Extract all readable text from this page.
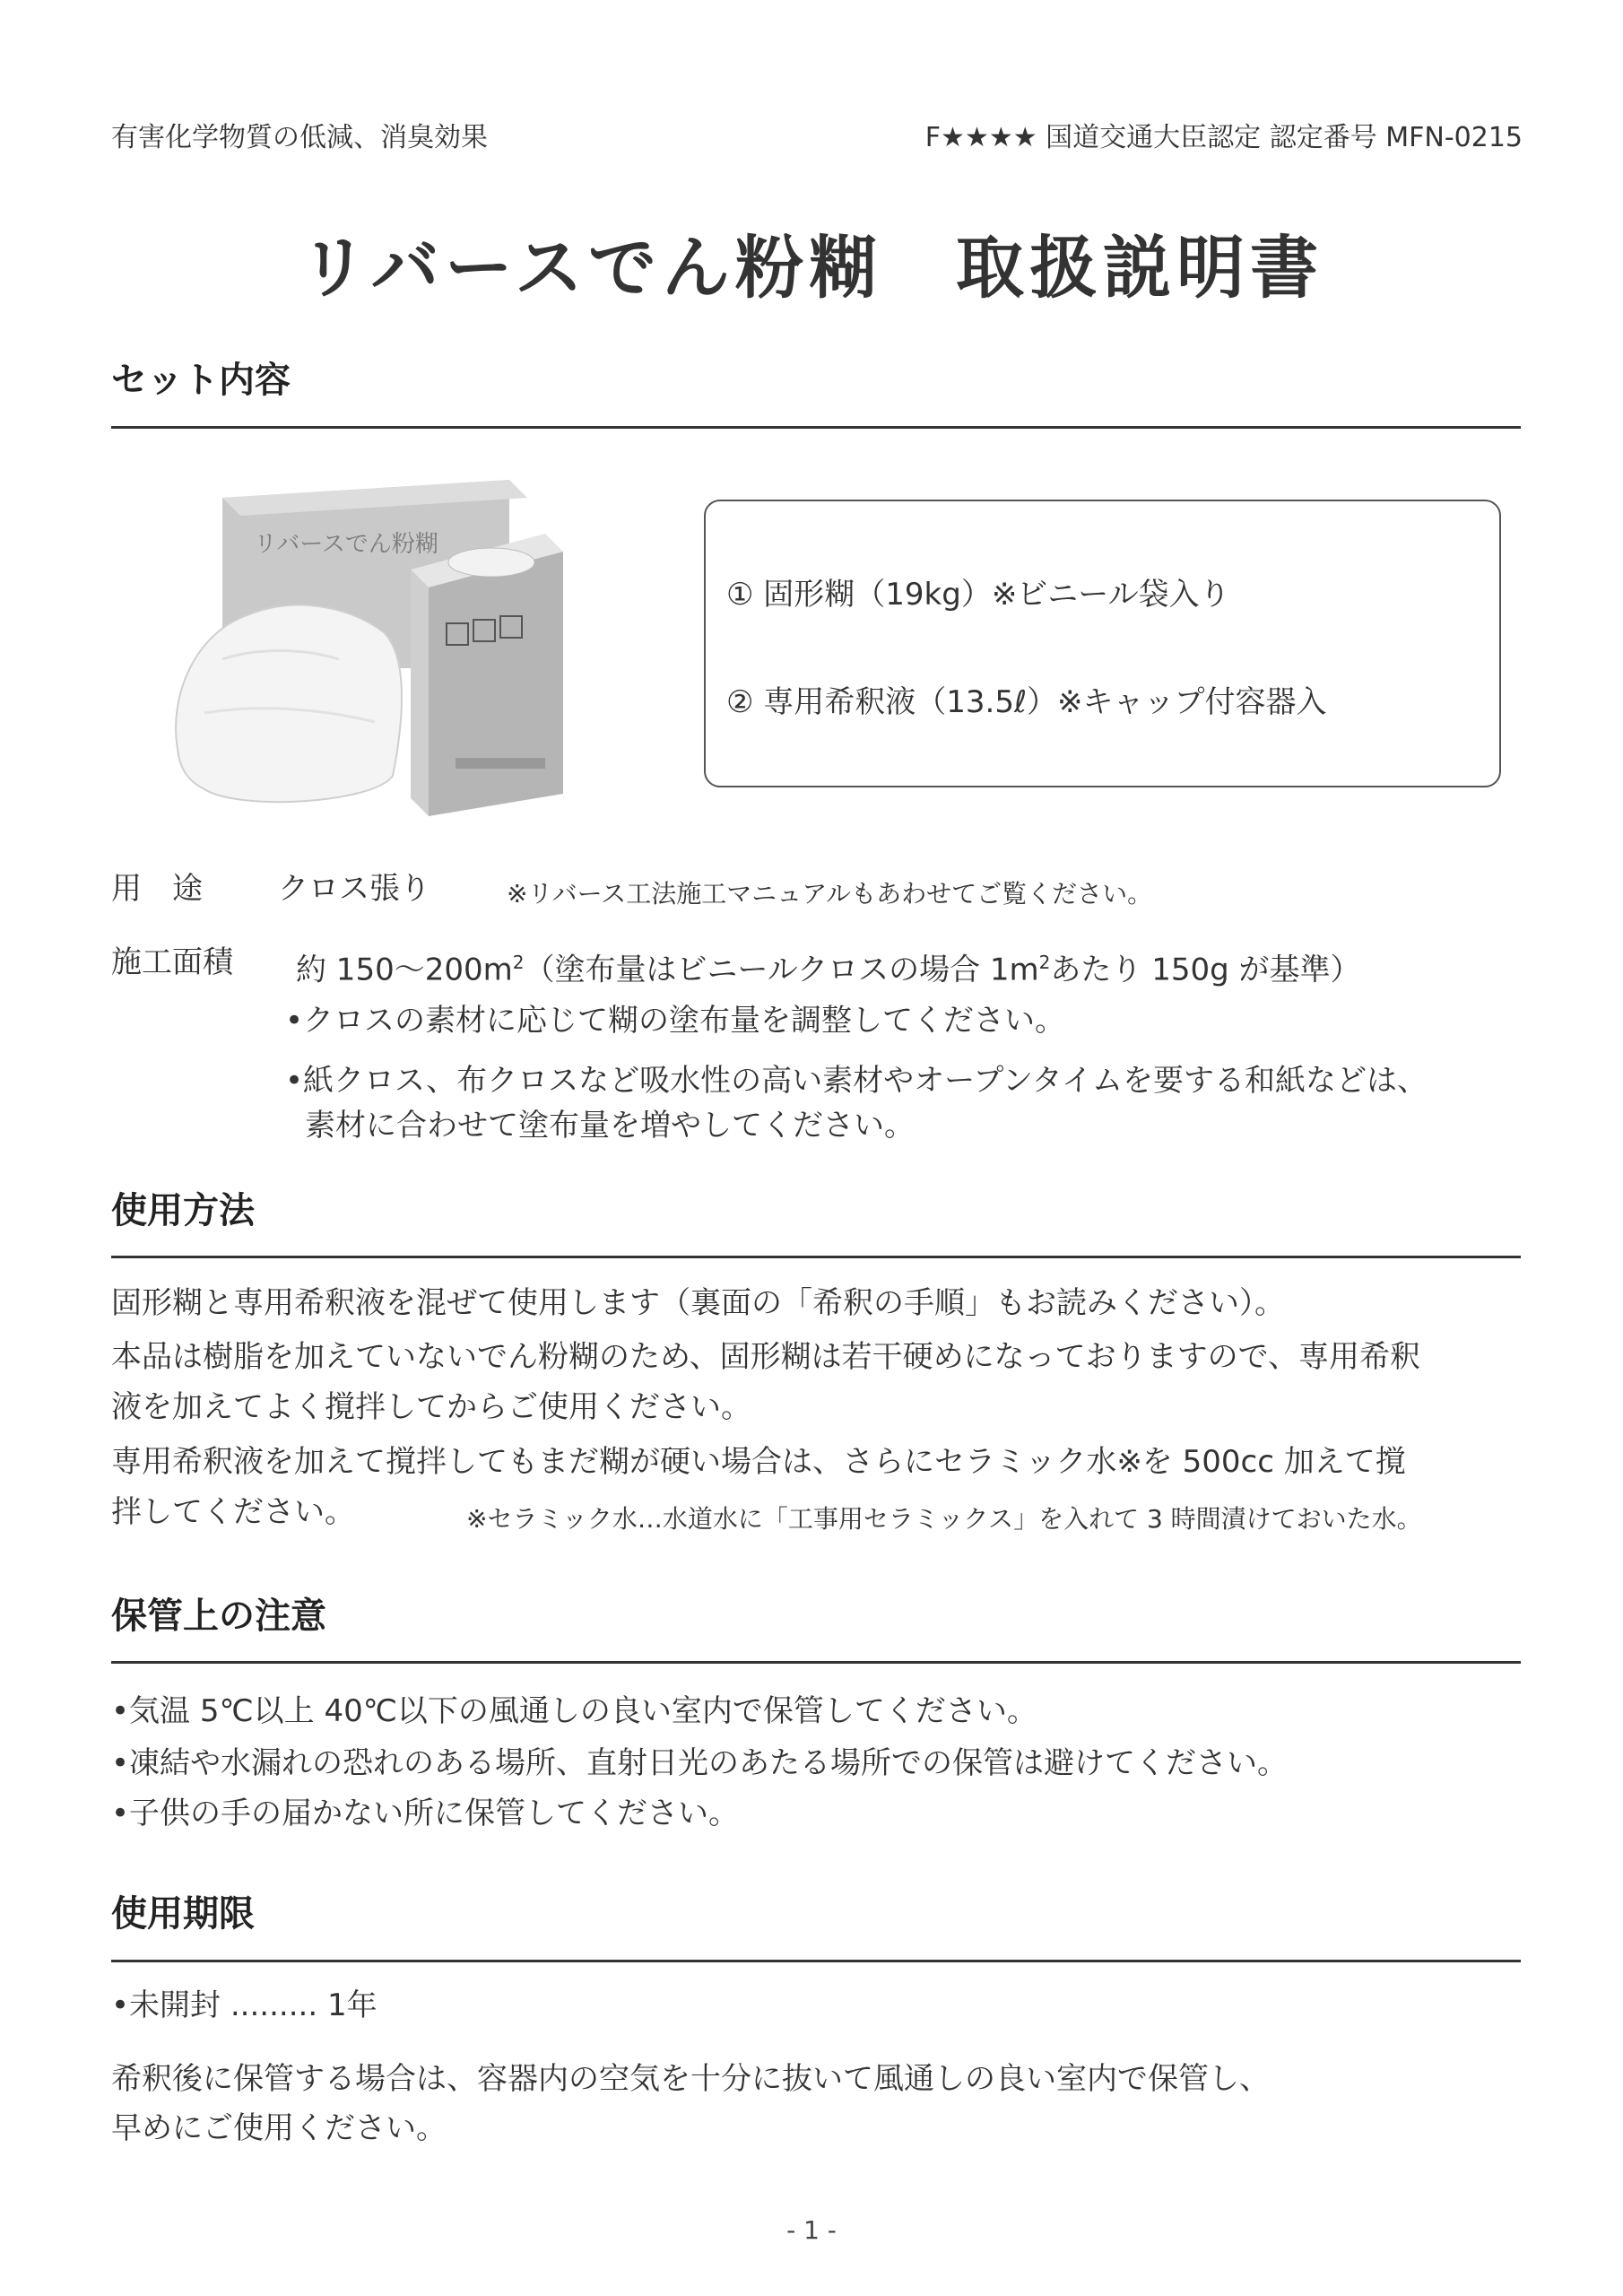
有害化学物質の低減、消臭効果	F★★★★ 国道交通大臣認定 認定番号 MFN-0215
リバースでん粉糊　取扱説明書
セット内容
リバースでん粉糊
① 固形糊（19kg）※ビニール袋入り
② 専用希釈液（13.5ℓ）※キャップ付容器入
用　途 クロス張り	※リバース工法施工マニュアルもあわせてご覧ください。
施工面積 約 $150\sim 200m^2$（塗布量はビニールクロスの場合 $1m^2$あたり 150g が基準）
•クロスの素材に応じて糊の塗布量を調整してください。
•紙クロス、布クロスなど吸水性の高い素材やオープンタイムを要する和紙などは、
素材に合わせて塗布量を増やしてください。
使用方法
固形糊と専用希釈液を混ぜて使用します（裏面の「希釈の手順」もお読みください）。
本品は樹脂を加えていないでん粉糊のため、固形糊は若干硬めになっておりますので、専用希釈
液を加えてよく撹拌してからご使用ください。
専用希釈液を加えて撹拌してもまだ糊が硬い場合は、さらにセラミック水※を 500cc 加えて撹
拌してください。	※セラミック水…水道水に「工事用セラミックス」を入れて 3 時間漬けておいた水。
保管上の注意
•気温 5℃以上 40℃以下の風通しの良い室内で保管してください。
•凍結や水漏れの恐れのある場所、直射日光のあたる場所での保管は避けてください。
•子供の手の届かない所に保管してください。
使用期限
•未開封 ......... 1年
希釈後に保管する場合は、容器内の空気を十分に抜いて風通しの良い室内で保管し、
早めにご使用ください。
- 1 -
